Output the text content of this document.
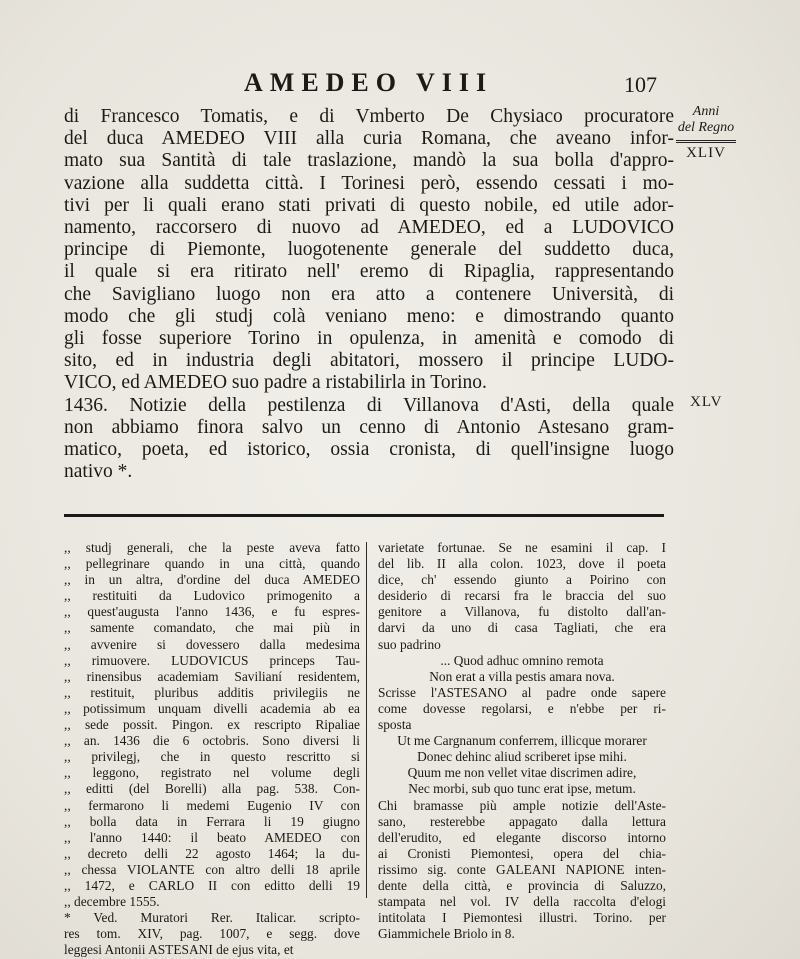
AMEDEO VIII	107
Anni
del Regno
XLIV
XLV
di Francesco Tomatis, e di Vmberto De Chysiaco procuratore
del duca AMEDEO VIII alla curia Romana, che aveano infor-
mato sua Santità di tale traslazione, mandò la sua bolla d'appro-
vazione alla suddetta città. I Torinesi però, essendo cessati i mo-
tivi per li quali erano stati privati di questo nobile, ed utile ador-
namento, raccorsero di nuovo ad AMEDEO, ed a LUDOVICO
principe di Piemonte, luogotenente generale del suddetto duca,
il quale si era ritirato nell' eremo di Ripaglia, rappresentando
che Savigliano luogo non era atto a contenere Università, di
modo che gli studj colà veniano meno: e dimostrando quanto
gli fosse superiore Torino in opulenza, in amenità e comodo di
sito, ed in industria degli abitatori, mossero il principe LUDO-
VICO, ed AMEDEO suo padre a ristabilirla in Torino.
1436. Notizie della pestilenza di Villanova d'Asti, della quale
non abbiamo finora salvo un cenno di Antonio Astesano gram-
matico, poeta, ed istorico, ossia cronista, di quell'insigne luogo
nativo *.
,, studj generali, che la peste aveva fatto
,, pellegrinare quando in una città, quando
,, in un altra, d'ordine del duca AMEDEO
,, restituiti da Ludovico primogenito a
,, quest'augusta l'anno 1436, e fu espres-
,, samente comandato, che mai più in
,, avvenire si dovessero dalla medesima
,, rimuovere. LUDOVICUS princeps Tau-
,, rinensibus academiam Savilianí residentem,
,, restituit, pluribus additis privilegiis ne
,, potissimum unquam divelli academia ab ea
,, sede possit. Pingon. ex rescripto Ripaliae
,, an. 1436 die 6 octobris. Sono diversi li
,, privilegj, che in questo rescritto si
,, leggono, registrato nel volume degli
,, editti (del Borelli) alla pag. 538. Con-
,, fermarono li medemi Eugenio IV con
,, bolla data in Ferrara li 19 giugno
,, l'anno 1440: il beato AMEDEO con
,, decreto delli 22 agosto 1464; la du-
,, chessa VIOLANTE con altro delli 18 aprile
,, 1472, e CARLO II con editto delli 19
,, decembre 1555.
* Ved. Muratori Rer. Italicar. scripto-
res tom. XIV, pag. 1007, e segg. dove
leggesi Antonii ASTESANI de ejus vita, et
varietate fortunae. Se ne esamini il cap. I
del lib. II alla colon. 1023, dove il poeta
dice, ch' essendo giunto a Poirino con
desiderio di recarsi fra le braccia del suo
genitore a Villanova, fu distolto dall'an-
darvi da uno di casa Tagliati, che era
suo padrino
... Quod adhuc omnino remota
Non erat a villa pestis amara nova.
Scrisse l'ASTESANO al padre onde sapere
come dovesse regolarsi, e n'ebbe per ri-
sposta
Ut me Cargnanum conferrem, illicque morarer
Donec dehinc aliud scriberet ipse mihi.
Quum me non vellet vitae discrimen adire,
Nec morbi, sub quo tunc erat ipse, metum.
Chi bramasse più ample notizie dell'Aste-
sano, resterebbe appagato dalla lettura
dell'erudito, ed elegante discorso intorno
ai Cronisti Piemontesi, opera del chia-
rissimo sig. conte GALEANI NAPIONE inten-
dente della città, e provincia di Saluzzo,
stampata nel vol. IV della raccolta d'elogi
intitolata I Piemontesi illustri. Torino. per
Giammichele Briolo in 8.
